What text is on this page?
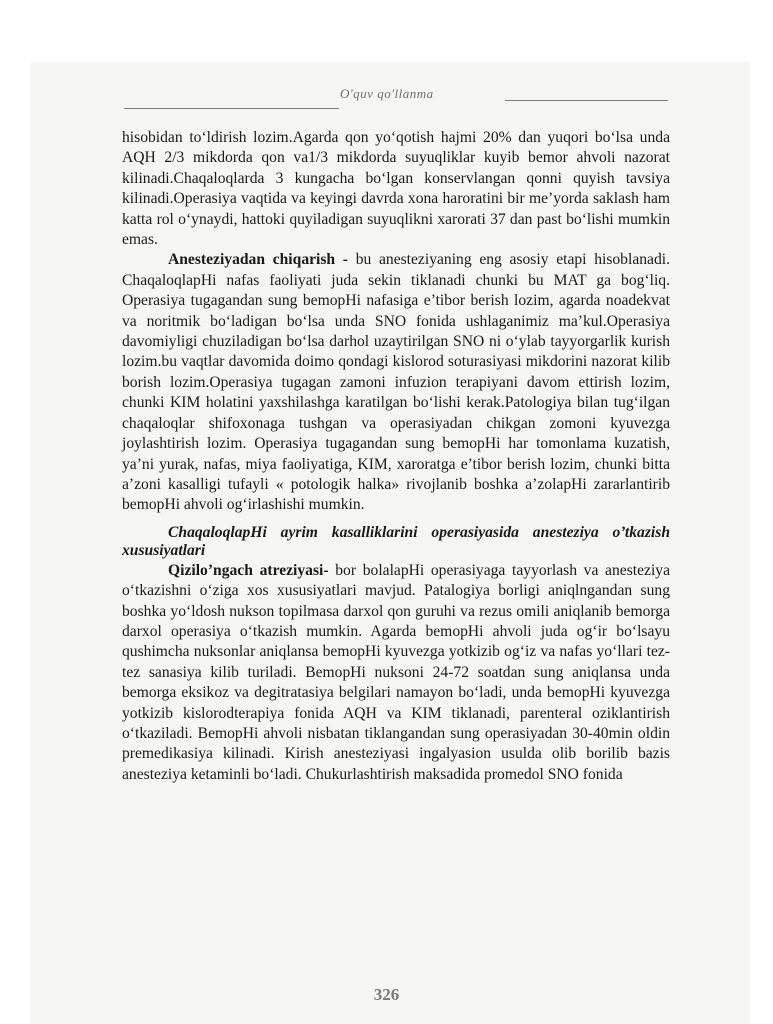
O'quv qo'llanma

hisobidan to‘ldirish lozim.Agarda qon yo‘qotish hajmi 20% dan yuqori bo‘lsa unda AQH 2/3 mikdorda qon va1/3 mikdorda suyuqliklar kuyib bemor ahvoli nazorat kilinadi.Chaqaloqlarda 3 kungacha bo‘lgan konservlangan qonni quyish tavsiya kilinadi.Operasiya vaqtida va keyingi davrda xona haroratini bir me’yorda saklash ham katta rol o‘ynaydi, hattoki quyiladigan suyuqlikni xarorati 37 dan past bo‘lishi mumkin emas.

Anesteziyadan chiqarish - bu anesteziyaning eng asosiy etapi hisoblanadi. ChaqaloqlapHi nafas faoliyati juda sekin tiklanadi chunki bu MAT ga bog‘liq. Operasiya tugagandan sung bemopHi nafasiga e’tibor berish lozim, agarda noadekvat va noritmik bo‘ladigan bo‘lsa unda SNO fonida ushlaganimiz ma’kul.Operasiya davomiyligi chuziladigan bo‘lsa darhol uzaytirilgan SNO ni o‘ylab tayyorgarlik kurish lozim.bu vaqtlar davomida doimo qondagi kislorod soturasiyasi mikdorini nazorat kilib borish lozim.Operasiya tugagan zamoni infuzion terapiyani davom ettirish lozim, chunki KIM holatini yaxshilashga karatilgan bo‘lishi kerak.Patologiya bilan tug‘ilgan chaqaloqlar shifoxonaga tushgan va operasiyadan chikgan zomoni kyuvezga joylashtirish lozim. Operasiya tugagandan sung bemopHi har tomonlama kuzatish, ya’ni yurak, nafas, miya faoliyatiga, KIM, xaroratga e’tibor berish lozim, chunki bitta a’zoni kasalligi tufayli « potologik halka» rivojlanib boshka a’zolapHi zararlantirib bemopHi ahvoli og‘irlashishi mumkin.

ChaqaloqlapHi ayrim kasalliklarini operasiyasida anesteziya o’tkazish xususiyatlari

Qizilo’ngach atreziyasi- bor bolalapHi operasiyaga tayyorlash va anesteziya o‘tkazishni o‘ziga xos xususiyatlari mavjud. Patalogiya borligi aniqlngandan sung boshka yo‘ldosh nukson topilmasa darxol qon guruhi va rezus omili aniqlanib bemorga darxol operasiya o‘tkazish mumkin. Agarda bemopHi ahvoli juda og‘ir bo‘lsayu qushimcha nuksonlar aniqlansa bemopHi kyuvezga yotkizib og‘iz va nafas yo‘llari tez-tez sanasiya kilib turiladi. BemopHi nuksoni 24-72 soatdan sung aniqlansa unda bemorga eksikoz va degitratasiya belgilari namayon bo‘ladi, unda bemopHi kyuvezga yotkizib kislorodterapiya fonida AQH va KIM tiklanadi, parenteral oziklantirish o‘tkaziladi. BemopHi ahvoli nisbatan tiklangandan sung operasiyadan 30-40min oldin premedikasiya kilinadi. Kirish anesteziyasi ingalyasion usulda olib borilib bazis anesteziya ketaminli bo‘ladi. Chukurlashtirish maksadida promedol SNO fonida

326
